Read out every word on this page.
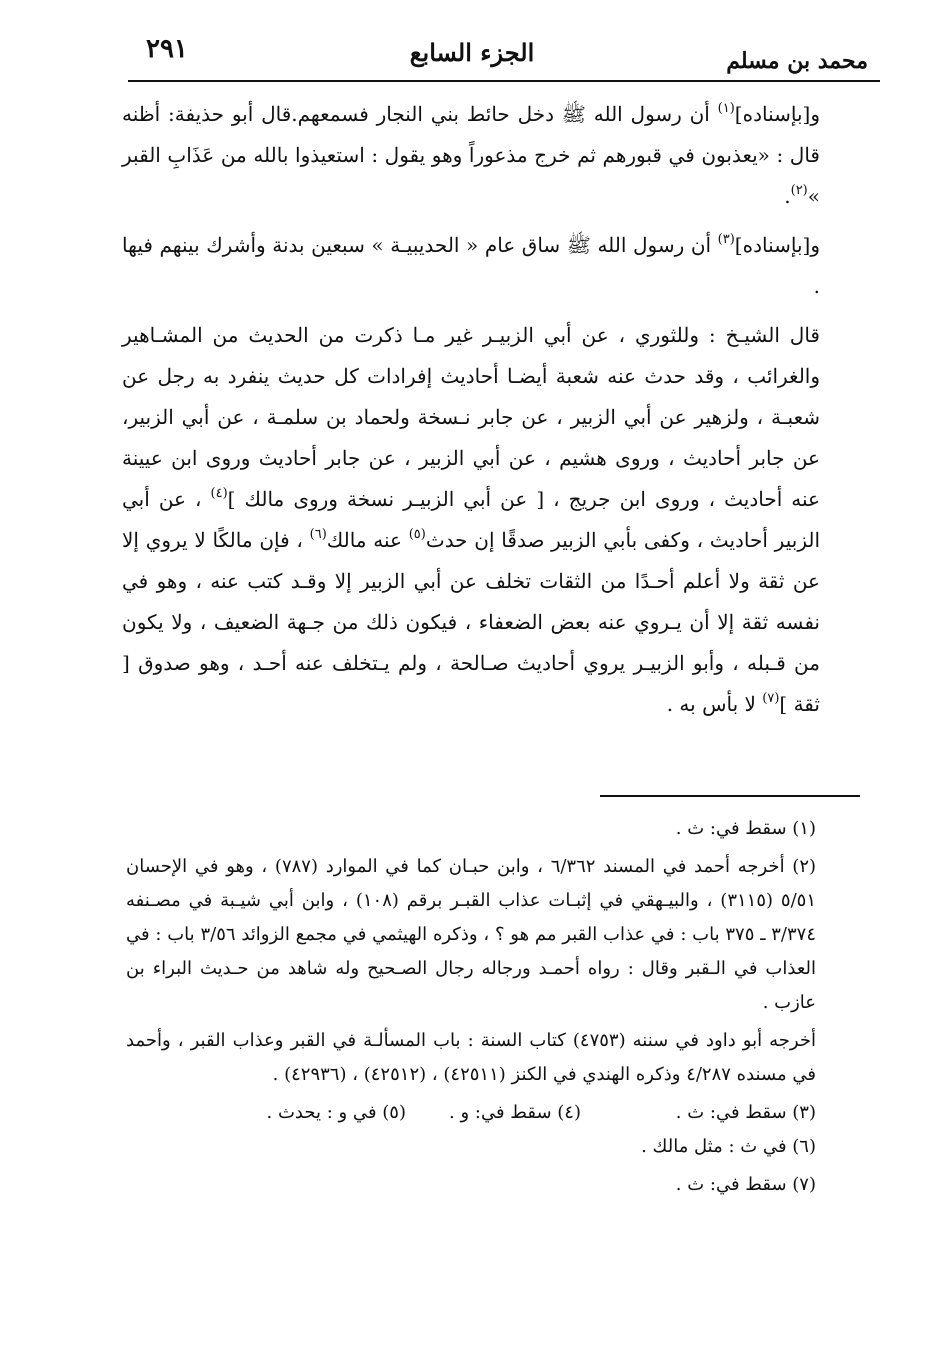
٢٩١	الجزء السابع	محمد بن مسلم

و[بإسناده]$^{(١)}$ أن رسول الله ﷺ دخل حائط بني النجار فسمعهم.قال أبو حذيفة: أظنه قال : «يعذبون في قبورهم ثم خرج مذعوراً وهو يقول : استعيذوا بالله من عَذَابِ القبر »$^{(٢)}$.

و[بإسناده]$^{(٣)}$ أن رسول الله ﷺ ساق عام « الحديبيـة » سبعين بدنة وأشرك بينهم فيها .

قال الشيـخ : وللثوري ، عن أبي الزبيـر غير مـا ذكرت من الحديث من المشـاهير والغرائب ، وقد حدث عنه شعبة أيضـا أحاديث إفرادات كل حديث ينفرد به رجل عن شعبـة ، ولزهير عن أبي الزبير ، عن جابر نـسخة ولحماد بن سلمـة ، عن أبي الزبير، عن جابر أحاديث ، وروى هشيم ، عن أبي الزبير ، عن جابر أحاديث وروى ابن عيينة عنه أحاديث ، وروى ابن جريج ، [ عن أبي الزبيـر نسخة وروى مالك ]$^{(٤)}$ ، عن أبي الزبير أحاديث ، وكفى بأبي الزبير صدقًا إن حدث$^{(٥)}$ عنه مالك$^{(٦)}$ ، فإن مالكًا لا يروي إلا عن ثقة ولا أعلم أحـدًا من الثقات تخلف عن أبي الزبير إلا وقـد كتب عنه ، وهو في نفسه ثقة إلا أن يـروي عنه بعض الضعفاء ، فيكون ذلك من جـهة الضعيف ، ولا يكون من قـبله ، وأبو الزبيـر يروي أحاديث صـالحة ، ولم يـتخلف عنه أحـد ، وهو صدوق [ ثقة ]$^{(٧)}$ لا بأس به .

(١) سقط في: ث .

(٢) أخرجه أحمد في المسند ٦/٣٦٢ ، وابن حبـان كما في الموارد (٧٨٧) ، وهو في الإحسان ٥/٥١ (٣١١٥) ، والبيـهقي في إثبـات عذاب القبـر برقم (١٠٨) ، وابن أبي شيـبة في مصـنفه ٣/٣٧٤ ـ ٣٧٥ باب : في عذاب القبر مم هو ؟ ، وذكره الهيثمي في مجمع الزوائد ٣/٥٦ باب : في العذاب في الـقبر وقال : رواه أحمـد ورجاله رجال الصـحيح وله شاهد من حـديث البراء بن عازب .

أخرجه أبو داود في سننه (٤٧٥٣) كتاب السنة : باب المسألـة في القبر وعذاب القبر ، وأحمد في مسنده ٤/٢٨٧ وذكره الهندي في الكنز (٤٢٥١١) ، (٤٢٥١٢) ، (٤٢٩٣٦) .

(٣) سقط في: ث .
(٤) سقط في: و .
(٥) في و : يحدث .

(٦) في ث : مثل مالك .

(٧) سقط في: ث .
